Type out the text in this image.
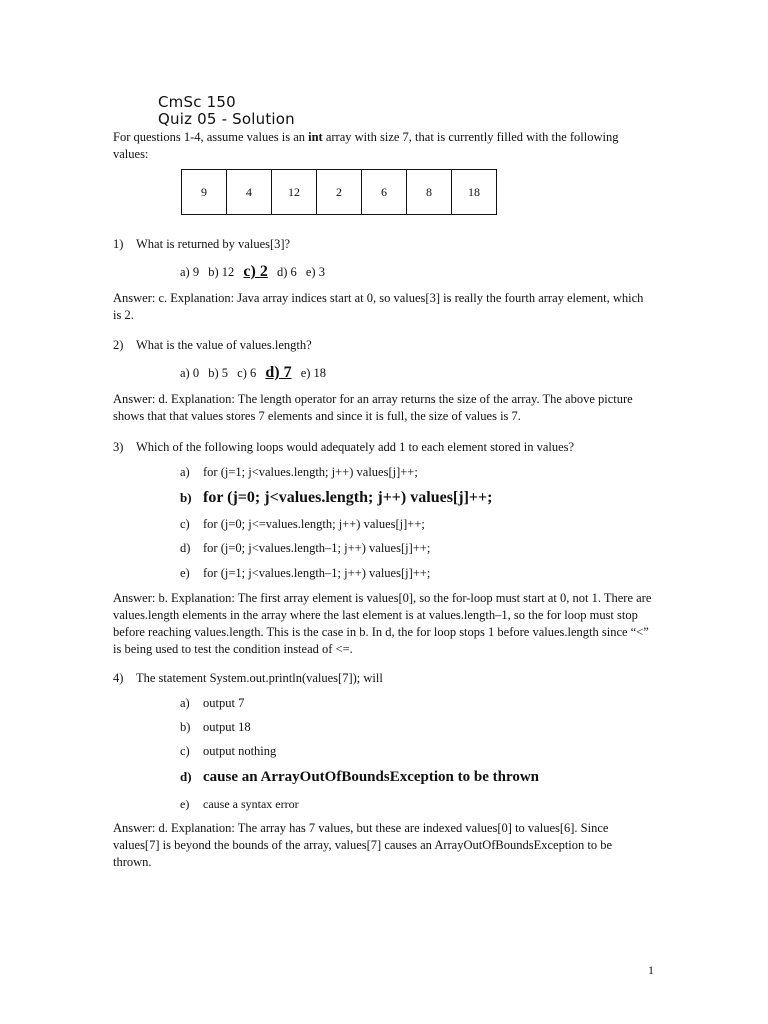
CmSc 150
Quiz 05 - Solution
For questions 1-4, assume values is an int array with size 7, that is currently filled with the following values:
9	4	12	2	6	8	18
1) What is returned by values[3]?
a) 9 b) 12 c) 2 d) 6 e) 3
Answer: c. Explanation: Java array indices start at 0, so values[3] is really the fourth array element, which is 2.
2) What is the value of values.length?
a) 0 b) 5 c) 6 d) 7 e) 18
Answer: d. Explanation: The length operator for an array returns the size of the array. The above picture shows that that values stores 7 elements and since it is full, the size of values is 7.
3) Which of the following loops would adequately add 1 to each element stored in values?
a) for (j=1; j<values.length; j++) values[j]++;
b) for (j=0; j<values.length; j++) values[j]++;
c) for (j=0; j<=values.length; j++) values[j]++;
d) for (j=0; j<values.length–1; j++) values[j]++;
e) for (j=1; j<values.length–1; j++) values[j]++;
Answer: b. Explanation: The first array element is values[0], so the for-loop must start at 0, not 1. There are values.length elements in the array where the last element is at values.length–1, so the for loop must stop before reaching values.length. This is the case in b. In d, the for loop stops 1 before values.length since “<” is being used to test the condition instead of <=.
4) The statement System.out.println(values[7]); will
a) output 7
b) output 18
c) output nothing
d) cause an ArrayOutOfBoundsException to be thrown
e) cause a syntax error
Answer: d. Explanation: The array has 7 values, but these are indexed values[0] to values[6]. Since values[7] is beyond the bounds of the array, values[7] causes an ArrayOutOfBoundsException to be thrown.
1
